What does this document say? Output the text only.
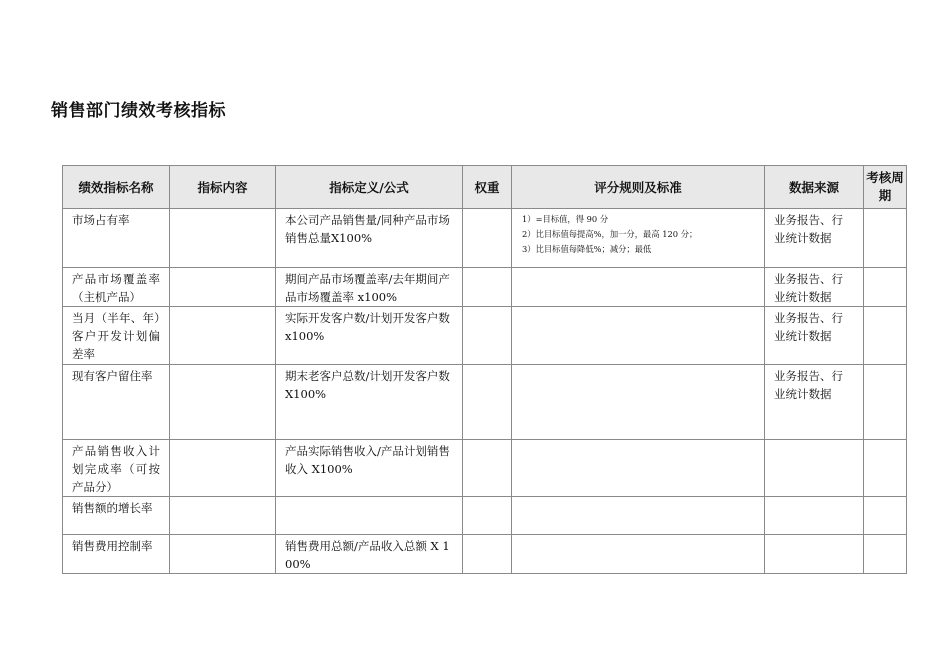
销售部门绩效考核指标
绩效指标名称	指标内容	指标定义/公式	权重	评分规则及标准	数据来源	考核周期
市场占有率		本公司产品销售量/同种产品市场销售总量X100%		1）=目标值，得 90 分
2）比目标值每提高%，加一分，最高 120 分；
3）比目标值每降低%；减分；最低	业务报告、行业统计数据	
产品市场覆盖率（主机产品）		期间产品市场覆盖率/去年期间产品市场覆盖率 x100%			业务报告、行业统计数据	
当月（半年、年）客户开发计划偏差率		实际开发客户数/计划开发客户数 x100%			业务报告、行业统计数据	
现有客户留住率		期末老客户总数/计划开发客户数X100%			业务报告、行业统计数据	
产品销售收入计划完成率（可按产品分）		产品实际销售收入/产品计划销售收入 X100%				
销售额的增长率						
销售费用控制率		销售费用总额/产品收入总额 X 100%				
